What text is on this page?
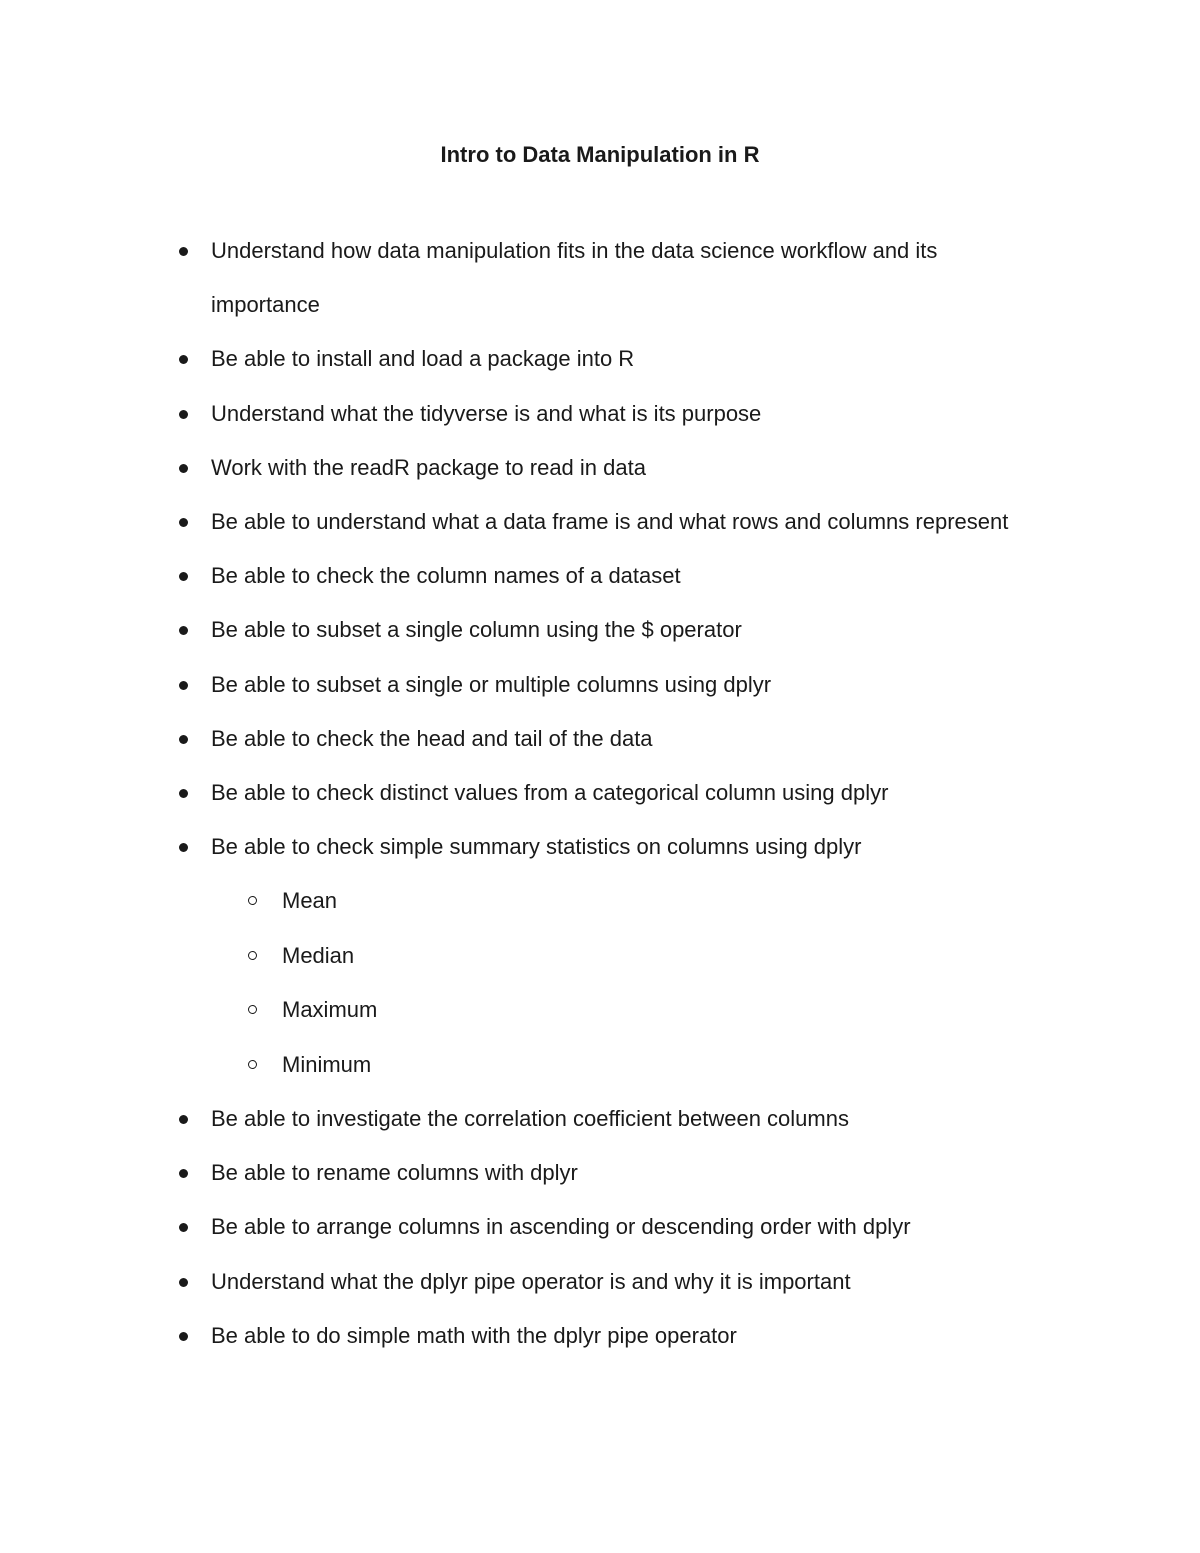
Intro to Data Manipulation in R
Understand how data manipulation fits in the data science workflow and its importance
Be able to install and load a package into R
Understand what the tidyverse is and what is its purpose
Work with the readR package to read in data
Be able to understand what a data frame is and what rows and columns represent
Be able to check the column names of a dataset
Be able to subset a single column using the $ operator
Be able to subset a single or multiple columns using dplyr
Be able to check the head and tail of the data
Be able to check distinct values from a categorical column using dplyr
Be able to check simple summary statistics on columns using dplyr
Mean
Median
Maximum
Minimum
Be able to investigate the correlation coefficient between columns
Be able to rename columns with dplyr
Be able to arrange columns in ascending or descending order with dplyr
Understand what the dplyr pipe operator is and why it is important
Be able to do simple math with the dplyr pipe operator
